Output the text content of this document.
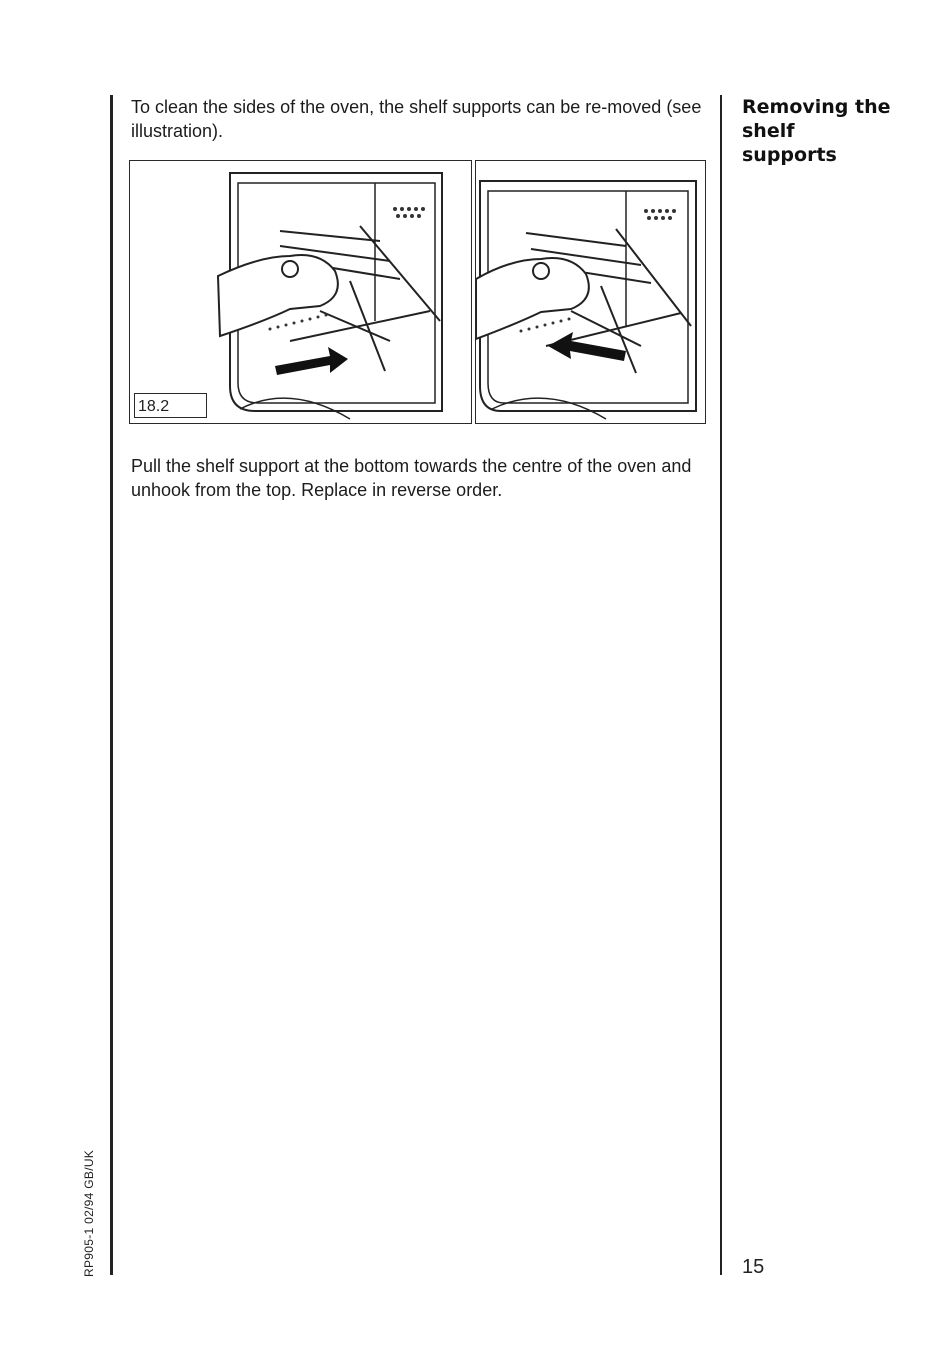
To clean the sides of the oven, the shelf supports can be re-moved (see illustration).

Removing the shelf supports
18.2

Pull the shelf support at the bottom towards the centre of the oven and unhook from the top. Replace in reverse order.

RP905-1 02/94 GB/UK	15
